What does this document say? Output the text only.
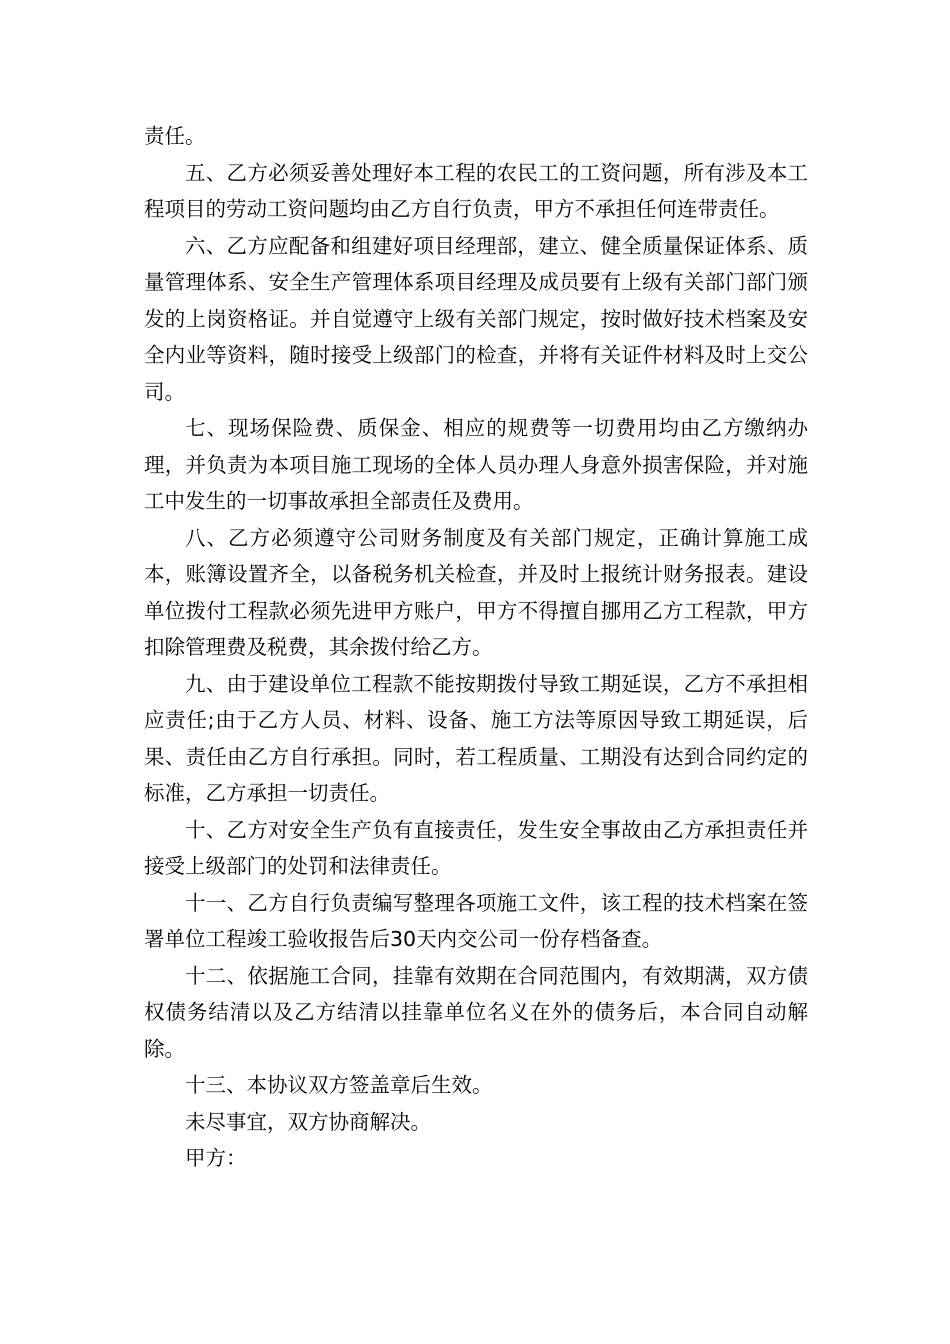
责任。

五、乙方必须妥善处理好本工程的农民工的工资问题，所有涉及本工程项目的劳动工资问题均由乙方自行负责，甲方不承担任何连带责任。

六、乙方应配备和组建好项目经理部，建立、健全质量保证体系、质量管理体系、安全生产管理体系项目经理及成员要有上级有关部门部门颁发的上岗资格证。并自觉遵守上级有关部门规定，按时做好技术档案及安全内业等资料，随时接受上级部门的检查，并将有关证件材料及时上交公司。

七、现场保险费、质保金、相应的规费等一切费用均由乙方缴纳办理，并负责为本项目施工现场的全体人员办理人身意外损害保险，并对施工中发生的一切事故承担全部责任及费用。

八、乙方必须遵守公司财务制度及有关部门规定，正确计算施工成本，账簿设置齐全，以备税务机关检查，并及时上报统计财务报表。建设单位拨付工程款必须先进甲方账户，甲方不得擅自挪用乙方工程款，甲方扣除管理费及税费，其余拨付给乙方。

九、由于建设单位工程款不能按期拨付导致工期延误，乙方不承担相应责任;由于乙方人员、材料、设备、施工方法等原因导致工期延误，后果、责任由乙方自行承担。同时，若工程质量、工期没有达到合同约定的标准，乙方承担一切责任。

十、乙方对安全生产负有直接责任，发生安全事故由乙方承担责任并接受上级部门的处罚和法律责任。

十一、乙方自行负责编写整理各项施工文件，该工程的技术档案在签署单位工程竣工验收报告后30天内交公司一份存档备查。

十二、依据施工合同，挂靠有效期在合同范围内，有效期满，双方债权债务结清以及乙方结清以挂靠单位名义在外的债务后，本合同自动解除。

十三、本协议双方签盖章后生效。

未尽事宜，双方协商解决。

甲方：
